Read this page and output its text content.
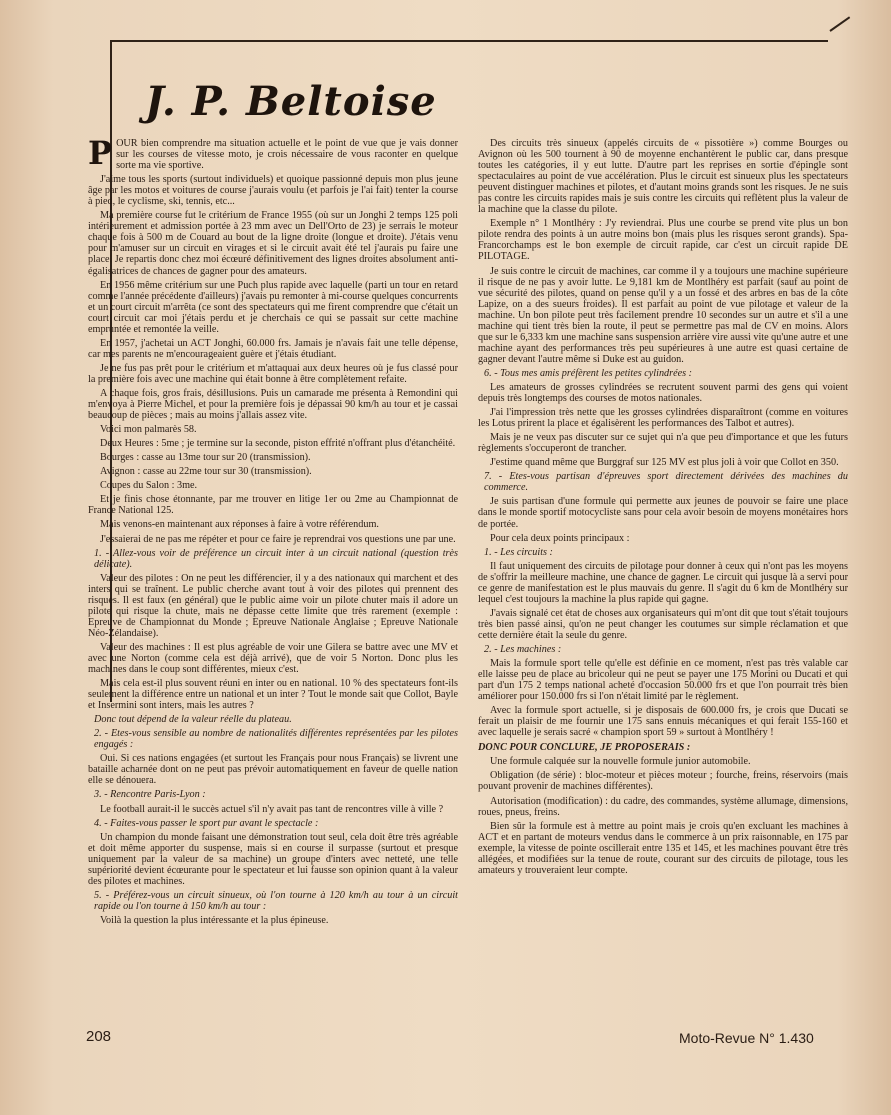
J. P. Beltoise

POUR bien comprendre ma situation actuelle et le point de vue que je vais donner sur les courses de vitesse moto, je crois nécessaire de vous raconter en quelque sorte ma vie sportive.

J'aime tous les sports (surtout individuels) et quoique passionné depuis mon plus jeune âge par les motos et voitures de course j'aurais voulu (et parfois je l'ai fait) tenter la course à pied, le cyclisme, ski, tennis, etc...

Ma première course fut le critérium de France 1955 (où sur un Jonghi 2 temps 125 poli intérieurement et admission portée à 23 mm avec un Dell'Orto de 23) je serrais le moteur chaque fois à 500 m de Couard au bout de la ligne droite (longue et droite). J'étais venu pour m'amuser sur un circuit en virages et si le circuit avait été tel j'aurais pu faire une place. Je repartis donc chez moi écœuré définitivement des lignes droites absolument anti-égalisatrices de chances de gagner pour des amateurs.

En 1956 même critérium sur une Puch plus rapide avec laquelle (parti un tour en retard comme l'année précédente d'ailleurs) j'avais pu remonter à mi-course quelques concurrents et un court circuit m'arrêta (ce sont des spectateurs qui me firent comprendre que c'était un court circuit car moi j'étais perdu et je cherchais ce qui se passait sur cette machine empruntée et remontée la veille.

En 1957, j'achetai un ACT Jonghi, 60.000 frs. Jamais je n'avais fait une telle dépense, car mes parents ne m'encourageaient guère et j'étais étudiant.

Je ne fus pas prêt pour le critérium et m'attaquai aux deux heures où je fus classé pour la première fois avec une machine qui était bonne à être complètement refaite.

A chaque fois, gros frais, désillusions. Puis un camarade me présenta à Remondini qui m'envoya à Pierre Michel, et pour la première fois je dépassai 90 km/h au tour et je cassai beaucoup de pièces ; mais au moins j'allais assez vite.

Voici mon palmarès 58.

Deux Heures : 5me ; je termine sur la seconde, piston effrité n'offrant plus d'étanchéité.

Bourges : casse au 13me tour sur 20 (transmission).

Avignon : casse au 22me tour sur 30 (transmission).

Coupes du Salon : 3me.

Et je finis chose étonnante, par me trouver en litige 1er ou 2me au Championnat de France National 125.

Mais venons-en maintenant aux réponses à faire à votre référendum.

J'essaierai de ne pas me répéter et pour ce faire je reprendrai vos questions une par une.

1. - Allez-vous voir de préférence un circuit inter à un circuit national (question très délicate).

Valeur des pilotes : On ne peut les différencier, il y a des nationaux qui marchent et des inters qui se traînent. Le public cherche avant tout à voir des pilotes qui prennent des risques. Il est faux (en général) que le public aime voir un pilote chuter mais il adore un pilote qui risque la chute, mais ne dépasse cette limite que très rarement (exemple : Epreuve de Championnat du Monde ; Epreuve Nationale Anglaise ; Epreuve Nationale Néo-Zélandaise).

Valeur des machines : Il est plus agréable de voir une Gilera se battre avec une MV et avec une Norton (comme cela est déjà arrivé), que de voir 5 Norton. Donc plus les machines dans le coup sont différentes, mieux c'est.

Mais cela est-il plus souvent réuni en inter ou en national. 10 % des spectateurs font-ils seulement la différence entre un national et un inter ? Tout le monde sait que Collot, Bayle et Insermini sont inters, mais les autres ?

Donc tout dépend de la valeur réelle du plateau.

2. - Etes-vous sensible au nombre de nationalités différentes représentées par les pilotes engagés :

Oui. Si ces nations engagées (et surtout les Français pour nous Français) se livrent une bataille acharnée dont on ne peut pas prévoir automatiquement en faveur de quelle nation elle se dénouera.

3. - Rencontre Paris-Lyon :

Le football aurait-il le succès actuel s'il n'y avait pas tant de rencontres ville à ville ?

4. - Faites-vous passer le sport pur avant le spectacle :

Un champion du monde faisant une démonstration tout seul, cela doit être très agréable et doit même apporter du suspense, mais si en course il surpasse (surtout et presque uniquement par la valeur de sa machine) un groupe d'inters avec netteté, une telle supériorité devient écœurante pour le spectateur et lui fausse son opinion quant à la valeur des pilotes et machines.

5. - Préférez-vous un circuit sinueux, où l'on tourne à 120 km/h au tour à un circuit rapide ou l'on tourne à 150 km/h au tour :

Voilà la question la plus intéressante et la plus épineuse.

Des circuits très sinueux (appelés circuits de « pissotière ») comme Bourges ou Avignon où les 500 tournent à 90 de moyenne enchantèrent le public car, dans presque toutes les catégories, il y eut lutte. D'autre part les reprises en sortie d'épingle sont spectaculaires au point de vue accélération. Plus le circuit est sinueux plus les spectateurs peuvent distinguer machines et pilotes, et d'autant moins grands sont les risques. Je ne suis pas contre les circuits rapides mais je suis contre les circuits qui reflètent plus la valeur de la machine que la classe du pilote.

Exemple n° 1 Montlhéry : J'y reviendrai. Plus une courbe se prend vite plus un bon pilote rendra des points à un autre moins bon (mais plus les risques seront grands). Spa-Francorchamps est le bon exemple de circuit rapide, car c'est un circuit rapide DE PILOTAGE.

Je suis contre le circuit de machines, car comme il y a toujours une machine supérieure il risque de ne pas y avoir lutte. Le 9,181 km de Montlhéry est parfait (sauf au point de vue sécurité des pilotes, quand on pense qu'il y a un fossé et des arbres en bas de la côte Lapize, on a des sueurs froides). Il est parfait au point de vue pilotage et valeur de la machine. Un bon pilote peut très facilement prendre 10 secondes sur un autre et s'il a une machine qui tient très bien la route, il peut se permettre pas mal de CV en moins. Alors que sur le 6,333 km une machine sans suspension arrière vire aussi vite qu'une autre et une machine ayant des performances très peu supérieures à une autre est quasi certaine de gagner devant l'autre même si Duke est au guidon.

6. - Tous mes amis préfèrent les petites cylindrées :

Les amateurs de grosses cylindrées se recrutent souvent parmi des gens qui voient depuis très longtemps des courses de motos nationales.

J'ai l'impression très nette que les grosses cylindrées disparaîtront (comme en voitures les Lotus prirent la place et égalisèrent les performances des Talbot et autres).

Mais je ne veux pas discuter sur ce sujet qui n'a que peu d'importance et que les futurs règlements s'occuperont de trancher.

J'estime quand même que Burggraf sur 125 MV est plus joli à voir que Collot en 350.

7. - Etes-vous partisan d'épreuves sport directement dérivées des machines du commerce.

Je suis partisan d'une formule qui permette aux jeunes de pouvoir se faire une place dans le monde sportif motocycliste sans pour cela avoir besoin de moyens monétaires hors de portée.

Pour cela deux points principaux :

1. - Les circuits :

Il faut uniquement des circuits de pilotage pour donner à ceux qui n'ont pas les moyens de s'offrir la meilleure machine, une chance de gagner. Le circuit qui jusque là a servi pour ce genre de manifestation est le plus mauvais du genre. Il s'agit du 6 km de Montlhéry sur lequel c'est toujours la machine la plus rapide qui gagne.

J'avais signalé cet état de choses aux organisateurs qui m'ont dit que tout s'était toujours très bien passé ainsi, qu'on ne peut changer les coutumes sur simple réclamation et que cette dernière était la seule du genre.

2. - Les machines :

Mais la formule sport telle qu'elle est définie en ce moment, n'est pas très valable car elle laisse peu de place au bricoleur qui ne peut se payer une 175 Morini ou Ducati et qui part d'un 175 2 temps national acheté d'occasion 50.000 frs et que l'on pourrait très bien améliorer pour 150.000 frs si l'on n'était limité par le règlement.

Avec la formule sport actuelle, si je disposais de 600.000 frs, je crois que Ducati se ferait un plaisir de me fournir une 175 sans ennuis mécaniques et qui ferait 155-160 et avec laquelle je serais sacré « champion sport 59 » surtout à Montlhéry !

DONC POUR CONCLURE, JE PROPOSERAIS :

Une formule calquée sur la nouvelle formule junior automobile.

Obligation (de série) : bloc-moteur et pièces moteur ; fourche, freins, réservoirs (mais pouvant provenir de machines différentes).

Autorisation (modification) : du cadre, des commandes, système allumage, dimensions, roues, pneus, freins.

Bien sûr la formule est à mettre au point mais je crois qu'en excluant les machines à ACT et en partant de moteurs vendus dans le commerce à un prix raisonnable, en 175 par exemple, la vitesse de pointe oscillerait entre 135 et 145, et les machines pouvant être très allégées, et modifiées sur la tenue de route, courant sur des circuits de pilotage, tous les amateurs y trouveraient leur compte.

208	Moto-Revue N° 1.430
